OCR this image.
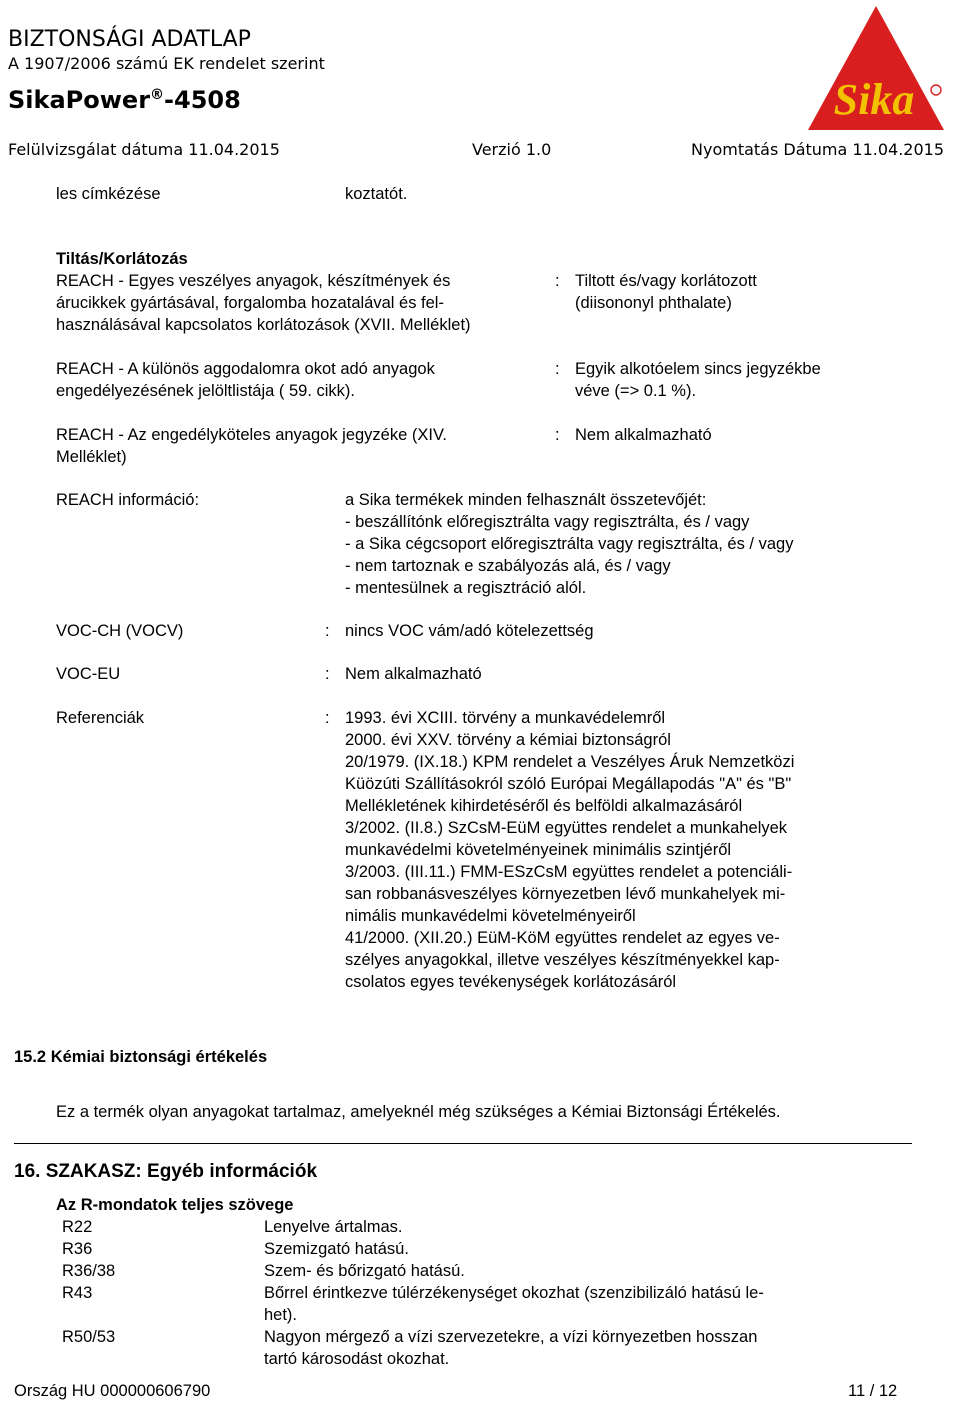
BIZTONSÁGI ADATLAP
A 1907/2006 számú EK rendelet szerint
SikaPower®-4508
Felülvizsgálat dátuma 11.04.2015	Verzió 1.0	Nyomtatás Dátuma 11.04.2015
Sika
les címkézése	koztatót.
Tiltás/Korlátozás
REACH - Egyes veszélyes anyagok, készítmények és
árucikkek gyártásával, forgalomba hozatalával és fel-
használásával kapcsolatos korlátozások (XVII. Melléklet)
: Tiltott és/vagy korlátozott
(diisononyl phthalate)
REACH - A különös aggodalomra okot adó anyagok
engedélyezésének jelöltlistája ( 59. cikk).
: Egyik alkotóelem sincs jegyzékbe
véve (=> 0.1 %).
REACH - Az engedélyköteles anyagok jegyzéke (XIV.
Melléklet)
: Nem alkalmazható
REACH információ:	a Sika termékek minden felhasznált összetevőjét:
- beszállítónk előregisztrálta vagy regisztrálta, és / vagy
- a Sika cégcsoport előregisztrálta vagy regisztrálta, és / vagy
- nem tartoznak e szabályozás alá, és / vagy
- mentesülnek a regisztráció alól.
VOC-CH (VOCV)	: nincs VOC vám/adó kötelezettség
VOC-EU	: Nem alkalmazható
Referenciák	: 1993. évi XCIII. törvény a munkavédelemről
2000. évi XXV. törvény a kémiai biztonságról
20/1979. (IX.18.) KPM rendelet a Veszélyes Áruk Nemzetközi
Küözúti Szállításokról szóló Európai Megállapodás "A" és "B"
Mellékletének kihirdetéséről és belföldi alkalmazásáról
3/2002. (II.8.) SzCsM-EüM együttes rendelet a munkahelyek
munkavédelmi követelményeinek minimális szintjéről
3/2003. (III.11.) FMM-ESzCsM együttes rendelet a potenciáli-
san robbanásveszélyes környezetben lévő munkahelyek mi-
nimális munkavédelmi követelményeiről
41/2000. (XII.20.) EüM-KöM együttes rendelet az egyes ve-
szélyes anyagokkal, illetve veszélyes készítményekkel kap-
csolatos egyes tevékenységek korlátozásáról
15.2 Kémiai biztonsági értékelés
Ez a termék olyan anyagokat tartalmaz, amelyeknél még szükséges a Kémiai Biztonsági Értékelés.
16. SZAKASZ: Egyéb információk
Az R-mondatok teljes szövege
R22	Lenyelve ártalmas.
R36	Szemizgató hatású.
R36/38	Szem- és bőrizgató hatású.
R43	Bőrrel érintkezve túlérzékenységet okozhat (szenzibilizáló hatású le-
het).
R50/53	Nagyon mérgező a vízi szervezetekre, a vízi környezetben hosszan
tartó károsodást okozhat.
Ország HU 000000606790	11 / 12
